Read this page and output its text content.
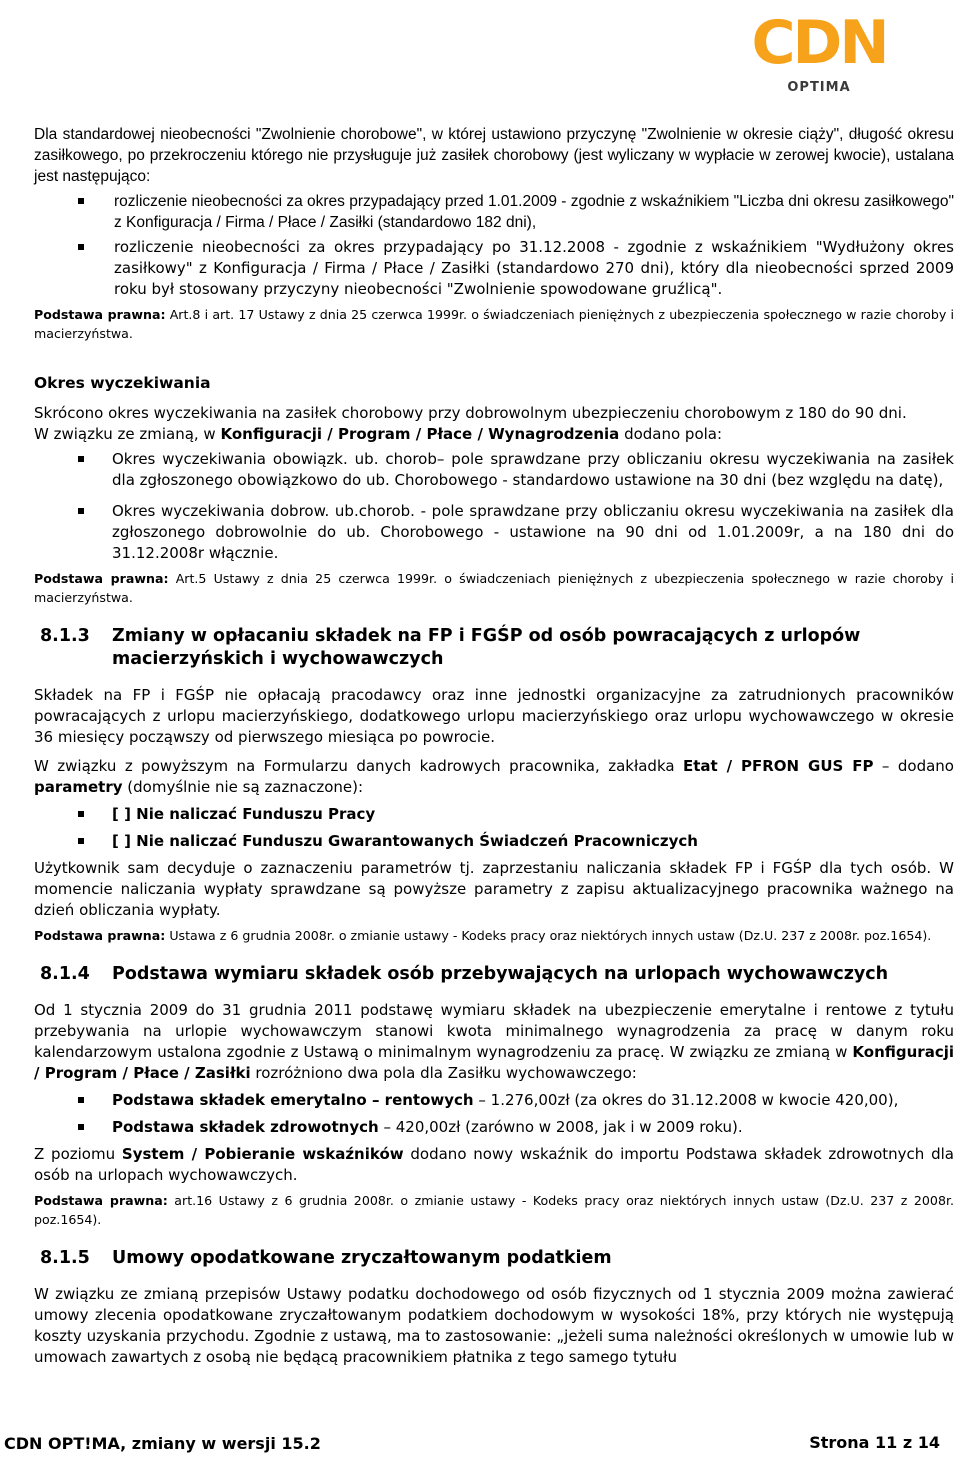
CDN
OPTIMA

Dla standardowej nieobecności "Zwolnienie chorobowe", w której ustawiono przyczynę "Zwolnienie w okresie ciąży", długość okresu zasiłkowego, po przekroczeniu którego nie przysługuje już zasiłek chorobowy (jest wyliczany w wypłacie w zerowej kwocie), ustalana jest następująco:

rozliczenie nieobecności za okres przypadający przed 1.01.2009 - zgodnie z wskaźnikiem "Liczba dni okresu zasiłkowego" z Konfiguracja / Firma / Płace / Zasiłki (standardowo 182 dni),
rozliczenie nieobecności za okres przypadający po 31.12.2008 - zgodnie z wskaźnikiem "Wydłużony okres zasiłkowy" z Konfiguracja / Firma / Płace / Zasiłki (standardowo 270 dni), który dla nieobecności sprzed 2009 roku był stosowany przyczyny nieobecności "Zwolnienie spowodowane gruźlicą".

Podstawa prawna: Art.8 i art. 17 Ustawy z dnia 25 czerwca 1999r. o świadczeniach pieniężnych z ubezpieczenia społecznego w razie choroby i macierzyństwa.

Okres wyczekiwania

Skrócono okres wyczekiwania na zasiłek chorobowy przy dobrowolnym ubezpieczeniu chorobowym z 180 do 90 dni.

W związku ze zmianą, w Konfiguracji / Program / Płace / Wynagrodzenia dodano pola:

Okres wyczekiwania obowiązk. ub. chorob– pole sprawdzane przy obliczaniu okresu wyczekiwania na zasiłek dla zgłoszonego obowiązkowo do ub. Chorobowego - standardowo ustawione na 30 dni (bez względu na datę),
Okres wyczekiwania dobrow. ub.chorob. - pole sprawdzane przy obliczaniu okresu wyczekiwania na zasiłek dla zgłoszonego dobrowolnie do ub. Chorobowego - ustawione na 90 dni od 1.01.2009r, a na 180 dni do 31.12.2008r włącznie.

Podstawa prawna: Art.5 Ustawy z dnia 25 czerwca 1999r. o świadczeniach pieniężnych z ubezpieczenia społecznego w razie choroby i macierzyństwa.

8.1.3 Zmiany w opłacaniu składek na FP i FGŚP od osób powracających z urlopów macierzyńskich i wychowawczych

Składek na FP i FGŚP nie opłacają pracodawcy oraz inne jednostki organizacyjne za zatrudnionych pracowników powracających z urlopu macierzyńskiego, dodatkowego urlopu macierzyńskiego oraz urlopu wychowawczego w okresie 36 miesięcy począwszy od pierwszego miesiąca po powrocie.

W związku z powyższym na Formularzu danych kadrowych pracownika, zakładka Etat / PFRON GUS FP – dodano parametry (domyślnie nie są zaznaczone):

[ ] Nie naliczać Funduszu Pracy
[ ] Nie naliczać Funduszu Gwarantowanych Świadczeń Pracowniczych

Użytkownik sam decyduje o zaznaczeniu parametrów tj. zaprzestaniu naliczania składek FP i FGŚP dla tych osób. W momencie naliczania wypłaty sprawdzane są powyższe parametry z zapisu aktualizacyjnego pracownika ważnego na dzień obliczania wypłaty.

Podstawa prawna: Ustawa z 6 grudnia 2008r. o zmianie ustawy - Kodeks pracy oraz niektórych innych ustaw (Dz.U. 237 z 2008r. poz.1654).

8.1.4 Podstawa wymiaru składek osób przebywających na urlopach wychowawczych

Od 1 stycznia 2009 do 31 grudnia 2011 podstawę wymiaru składek na ubezpieczenie emerytalne i rentowe z tytułu przebywania na urlopie wychowawczym stanowi kwota minimalnego wynagrodzenia za pracę w danym roku kalendarzowym ustalona zgodnie z Ustawą o minimalnym wynagrodzeniu za pracę. W związku ze zmianą w Konfiguracji / Program / Płace / Zasiłki rozróżniono dwa pola dla Zasiłku wychowawczego:

Podstawa składek emerytalno – rentowych – 1.276,00zł (za okres do 31.12.2008 w kwocie 420,00),
Podstawa składek zdrowotnych – 420,00zł (zarówno w 2008, jak i w 2009 roku).

Z poziomu System / Pobieranie wskaźników dodano nowy wskaźnik do importu Podstawa składek zdrowotnych dla osób na urlopach wychowawczych.

Podstawa prawna: art.16 Ustawy z 6 grudnia 2008r. o zmianie ustawy - Kodeks pracy oraz niektórych innych ustaw (Dz.U. 237 z 2008r. poz.1654).

8.1.5 Umowy opodatkowane zryczałtowanym podatkiem

W związku ze zmianą przepisów Ustawy podatku dochodowego od osób fizycznych od 1 stycznia 2009 można zawierać umowy zlecenia opodatkowane zryczałtowanym podatkiem dochodowym w wysokości 18%, przy których nie występują koszty uzyskania przychodu. Zgodnie z ustawą, ma to zastosowanie: „jeżeli suma należności określonych w umowie lub w umowach zawartych z osobą nie będącą pracownikiem płatnika z tego samego tytułu

CDN OPT!MA, zmiany w wersji 15.2	Strona 11 z 14
